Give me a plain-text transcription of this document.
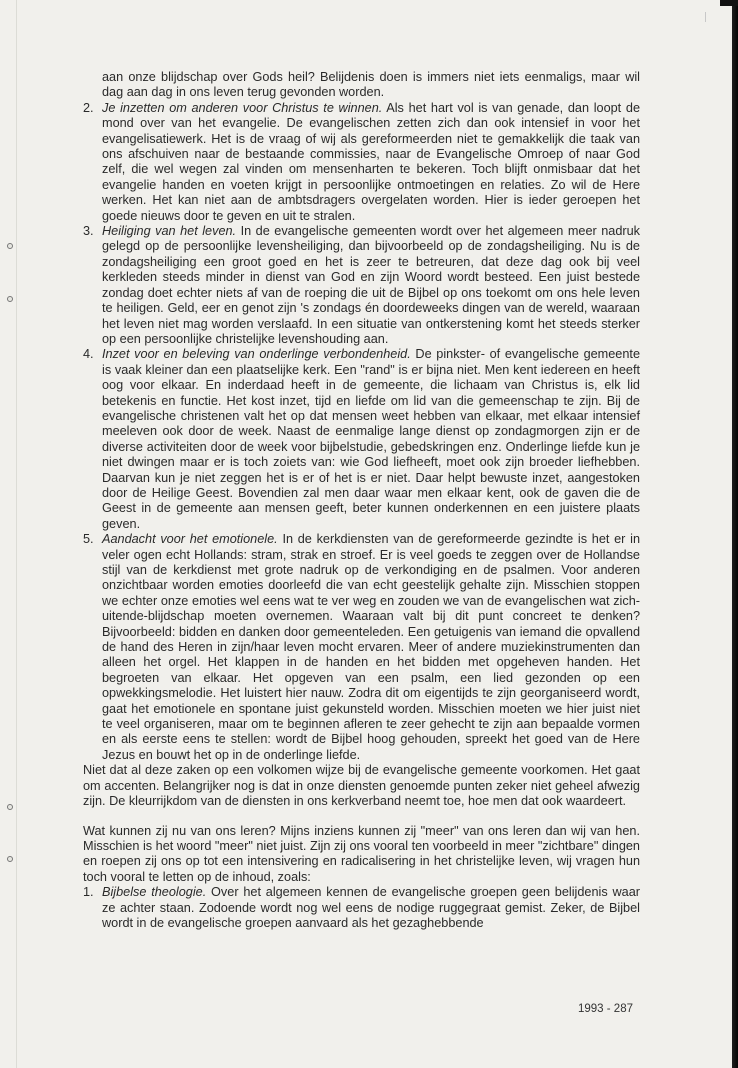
aan onze blijdschap over Gods heil? Belijdenis doen is immers niet iets eenmaligs, maar wil dag aan dag in ons leven terug gevonden worden.

2. Je inzetten om anderen voor Christus te winnen. Als het hart vol is van genade, dan loopt de mond over van het evangelie. De evangelischen zetten zich dan ook intensief in voor het evangelisatiewerk. Het is de vraag of wij als gereformeerden niet te gemakkelijk die taak van ons afschuiven naar de bestaande commissies, naar de Evangelische Omroep of naar God zelf, die wel wegen zal vinden om mensenharten te bekeren. Toch blijft onmisbaar dat het evangelie handen en voeten krijgt in persoonlijke ontmoetingen en relaties. Zo wil de Here werken. Het kan niet aan de ambtsdragers overgelaten worden. Hier is ieder geroepen het goede nieuws door te geven en uit te stralen.

3. Heiliging van het leven. In de evangelische gemeenten wordt over het algemeen meer nadruk gelegd op de persoonlijke levensheiliging, dan bijvoorbeeld op de zondagsheiliging. Nu is de zondagsheiliging een groot goed en het is zeer te betreuren, dat deze dag ook bij veel kerkleden steeds minder in dienst van God en zijn Woord wordt besteed. Een juist bestede zondag doet echter niets af van de roeping die uit de Bijbel op ons toekomt om ons hele leven te heiligen. Geld, eer en genot zijn 's zondags én doordeweeks dingen van de wereld, waaraan het leven niet mag worden verslaafd. In een situatie van ontkerstening komt het steeds sterker op een persoonlijke christelijke levenshouding aan.

4. Inzet voor en beleving van onderlinge verbondenheid. De pinkster- of evangelische gemeente is vaak kleiner dan een plaatselijke kerk. Een "rand" is er bijna niet. Men kent iedereen en heeft oog voor elkaar. En inderdaad heeft in de gemeente, die lichaam van Christus is, elk lid betekenis en functie. Het kost inzet, tijd en liefde om lid van die gemeenschap te zijn. Bij de evangelische christenen valt het op dat mensen weet hebben van elkaar, met elkaar intensief meeleven ook door de week. Naast de eenmalige lange dienst op zondagmorgen zijn er de diverse activiteiten door de week voor bijbelstudie, gebedskringen enz. Onderlinge liefde kun je niet dwingen maar er is toch zoiets van: wie God liefheeft, moet ook zijn broeder liefhebben. Daarvan kun je niet zeggen het is er of het is er niet. Daar helpt bewuste inzet, aangestoken door de Heilige Geest. Bovendien zal men daar waar men elkaar kent, ook de gaven die de Geest in de gemeente aan mensen geeft, beter kunnen onderkennen en een juistere plaats geven.

5. Aandacht voor het emotionele. In de kerkdiensten van de gereformeerde gezindte is het er in veler ogen echt Hollands: stram, strak en stroef. Er is veel goeds te zeggen over de Hollandse stijl van de kerkdienst met grote nadruk op de verkondiging en de psalmen. Voor anderen onzichtbaar worden emoties doorleefd die van echt geestelijk gehalte zijn. Misschien stoppen we echter onze emoties wel eens wat te ver weg en zouden we van de evangelischen wat zich-uitende-blijdschap moeten overnemen. Waaraan valt bij dit punt concreet te denken? Bijvoorbeeld: bidden en danken door gemeenteleden. Een getuigenis van iemand die opvallend de hand des Heren in zijn/haar leven mocht ervaren. Meer of andere muziekinstrumenten dan alleen het orgel. Het klappen in de handen en het bidden met opgeheven handen. Het begroeten van elkaar. Het opgeven van een psalm, een lied gezonden op een opwekkingsmelodie. Het luistert hier nauw. Zodra dit om eigentijds te zijn georganiseerd wordt, gaat het emotionele en spontane juist gekunsteld worden. Misschien moeten we hier juist niet te veel organiseren, maar om te beginnen afleren te zeer gehecht te zijn aan bepaalde vormen en als eerste eens te stellen: wordt de Bijbel hoog gehouden, spreekt het goed van de Here Jezus en bouwt het op in de onderlinge liefde.

Niet dat al deze zaken op een volkomen wijze bij de evangelische gemeente voorkomen. Het gaat om accenten. Belangrijker nog is dat in onze diensten genoemde punten zeker niet geheel afwezig zijn. De kleurrijkdom van de diensten in ons kerkverband neemt toe, hoe men dat ook waardeert.

Wat kunnen zij nu van ons leren? Mijns inziens kunnen zij "meer" van ons leren dan wij van hen. Misschien is het woord "meer" niet juist. Zijn zij ons vooral ten voorbeeld in meer "zichtbare" dingen en roepen zij ons op tot een intensivering en radicalisering in het christelijke leven, wij vragen hun toch vooral te letten op de inhoud, zoals:

1. Bijbelse theologie. Over het algemeen kennen de evangelische groepen geen belijdenis waar ze achter staan. Zodoende wordt nog wel eens de nodige ruggegraat gemist. Zeker, de Bijbel wordt in de evangelische groepen aanvaard als het gezaghebbende

1993 - 287
